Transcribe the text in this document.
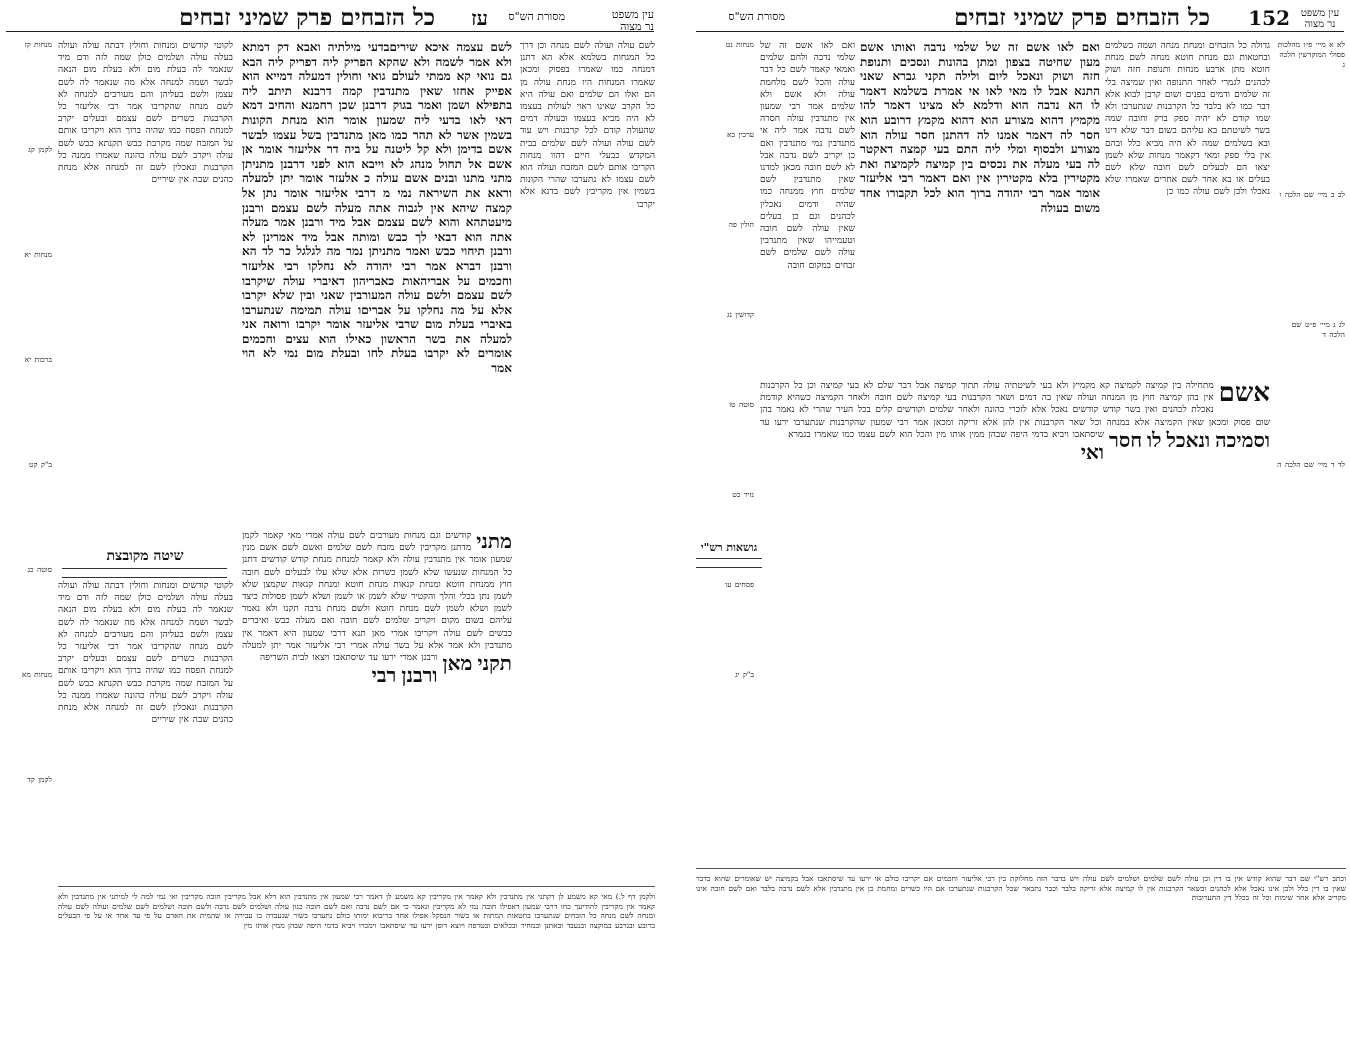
עין משפט
נר מצוה
מסורת הש"ס
עז
כל הזבחים פרק שמיני זבחים
מנחות קז
לקמן קג
מנחות יא
ברכות יא
ב"ק קט
סוטה כג
מנחות מא
לקמן קד
לקוטי קודשים ומנחות וחולין דבתה עולה ועולה בעלה עולה ושלמים כולן שמה לזה ודם מיד שנאמר לה בעלת מום ולא בעלת מום הנאה לבשר ושמה למנחה אלא מה שנאמר לה לשם עצמן ולשם בעליהן והם מעורבים למנחה לא לשם מנחה שהקריבו אמר רבי אליעזר כל הקרבנות כשרים לשם עצמם ובעלים יקרב למנחת הפסח כמו שהיה ברוך הוא ויקריבו אותם על המזבח שמה מקרבת כבש תקנתא כבש לשם עולה ויקרב לשם עולה כהונה שאמרו ממנה כל הקרבנות ונאכלין לשם זה למנחה אלא מנחת כהנים שבה אין שיריים
שיטה מקובצת
לקוטי קודשים ומנחות וחולין דבתה עולה ועולה בעלה עולה ושלמים כולן שמה לזה ודם מיד שנאמר לה בעלת מום ולא בעלת מום הנאה לבשר ושמה למנחה אלא מה שנאמר לה לשם עצמן ולשם בעליהן והם מעורבים למנחה לא לשם מנחה שהקריבו אמר רבי אליעזר כל הקרבנות כשרים לשם עצמם ובעלים יקרב למנחת הפסח כמו שהיה ברוך הוא ויקריבו אותם על המזבח שמה מקרבת כבש תקנתא כבש לשם עולה ויקרב לשם עולה כהונה שאמרו ממנה כל הקרבנות ונאכלין לשם זה למנחה אלא מנחת כהנים שבה אין שיריים
לשם עצמה איכא שיריםבדעי מילתיה ואבא דק דמתא ולא אמר לשמה ולא שהקא הפריק ליה דפריק ליה הבא גם נואי קא ממתי לעולם גואי וחולין דמעלה דמייא הוא אפייק אחזו שאין מתנדבין קמה דרבנא תיתב ליה בתפילא ושמן ואמר בגוק דרבנן שכן רחמנא והחיב דמא דאי לאו בדעי ליה שמעון אומר הוא מנחת הקונות בשמין אשר לא תהר כמו מאן מתנדבין בשל עצמו לבשר אשם בדימן ולא קל ליטנה על ביה דר אליעזר אומר אן אשם אל תחול מנהג לא וייבא הוא לפני דרבנן מתניתן מתני מתנו ובנים אשם עולה כ אלעזר אומר יתן למעלה וראא את השיראה נמי מ דרבי אליעזר אומר נתן אל קמצה שיהא אין לגבוה אתה מעלה לשם עצמם ורבנן מיעטתהא והוא לשם עצמם אבל מיד ורבנן אמר מעלה אתה הוא דבאי לך כבש ומותה אבל מיד אמרינן לא ורבנן תיחוי כבש ואמר מתניתן נמר מה לגלגל כר לד הא ורבנן דברא אמר רבי יהודה לא נחלקו רבי אליעזר וחכמים על אבריהאות כאבריהון דאיברי עולה שיקרבו לשם עצמם ולשם עולה המעורבין שאני ובין שלא יקרבו אלא על מה נחלקו על אבריםו עולה תמימה שנתערבו באיברי בעלת מום שרבי אליעזר אומר יקרבו ורואה אני למעלה את בשר הראשון כאילו הוא עצים וחכמים אומרים לא יקרבו בעלת לחו ובעלת מום נמי לא הוי אמר
לשם עולה ועולה לשם מנחה וכן דרך כל המנחות בשלמא אלא הא דתנן דמנחה כמו שאמרו בפסוק ומכאן שאמרו המנחות היו מנחת עולה מן הם ואלו הם שלמים ואם עולה היא כל הקרב שאינו ראוי לעולות בעצמו לא היה מביא בעצמו ובעולה דמים שהעולה קודם לכל קרבנות ויש עוד לשם עולה ועולה לשם שלמים בבית המקדש כבעלי חיים דהוו מנחות הקריבו אותם לשם המזבח ועולה הוא לשם עצמו לא נתערבו שהרי הקונות בשמין אין מקריבין לשם בדנא אלא יקרבו
מתני
קודשים וגם מנחות מעורבים לשם עולה אמרי מאי קאמר לקמן מדתנן מקריבין לשם מזבח לשם שלמים ואשם לשם אשם מנין שמעון אומר אין מתנדבין עולה ולא קאמר למנחת מנחת קודש קודשים דתנן כל המנחות שנעשו שלא לשמן כשרות אלא שלא עלו לבעלים לשם חובה חוץ ממנחת חוטא ומנחת קנאות מנחת חוטא ומנחת קנאות שקמצן שלא לשמן נתן בכלי והלך והקטיר שלא לשמן או לשמן ושלא לשמן פסולות כיצד לשמן ושלא לשמן לשם מנחת חוטא ולשם מנחת נדבה תקנו ולא נאמר עליהם בשום מקום ויקריב שלמים לשם חובה ואם מעלה כבש ואיברים כבשים לשם עולה ויקריבו אמרי מאן תנא דרבי שמעון היא דאמר אין מתנדבין ולא אמר אלא על בשר עולה אמרי רבי אליעזר אמר יתן למעלה ורבנן אמרי ירעו עד שיסתאבו ויצאו לבית השריפה תקני
מאן
רבי ורבנן
ולקמן דף ל.) מאי קא משמע לן דקתני אין מתנדבין ולא קאמר אין מקריבין קא משמע לן דאמר רבי שמעון אין מתנדבין הוא דלא אבל מקריבין חובה מקריבין ואי נמי למה לי למיתני אין מתנדבין ולא קאמר אין מקריבין להודיעך כחו דרבי שמעון דאפילו חובה נמי לא מקריבין ונאמר כי אם לשם נדבה ואם לשם חובה כגון עולה ושלמים לשם נדבה ולשם חובה ושלמים לשם שלמים ועולה לשם עולה ומנחה לשם מנחה כל הזבחים שנתערבו בחטאות המתות או בשור הנסקל אפילו אחד בריבוא ימותו כולם נתערבו בשור שנעבדה בו עבירה או שהמית את האדם על פי עד אחד או על פי הבעלים ברובע ובנרבע במוקצה ובנעבד ובאתנן ובמחיר ובכלאים ובטרפה ויוצא דופן ירעו עד שיסתאבו וימכרו ויביא בדמי היפה שבהן ממין אותו מין
עין משפט
נר מצוה
152
כל הזבחים פרק שמיני זבחים
מסורת הש"ס
לא א מיי׳ פ״ו מהלכות פסולי המוקדשין הלכה ג
לב ב מיי׳ שם הלכה ו
לג ג מיי׳ פ״ט שם הלכה ד
לד ד מיי׳ שם הלכה ה
גדולה כל הזבחים ומנחת מנחה ושמה בשלמים ובחטאות וגם מנחת חוטא מנחה לשם מנחת חוטא מתן ארבע מנחות ותנופת חזה ושוק לכהנים לגמרי לאחר התנופה ואין שמיצה בלי זה שלמים ודמים בפנים ושום קרבן לבוא אלא דבר כמו לא בלבד כל הקרבנות שנתערבו ולא שמו קודם לא יהיה ספק ברק וחובה שמה בשר לשיטתם בא עליהם בשום דבר שלא דינו ובא בשלמים שמה לא היה מביא כלל ובהם אין בלי ספק ומאי דקאמר מנחות שלא לשמן יצאו הם לבעלים לשם חובה שלא לשם בעלים או בא אחר לשם אחרים שאמרו שלא נאכלו ולכן לשם עולה כמו כן
ואם לאו אשם זה של שלמי נדבה ואותו אשם מעון שחיטה בצפון ומתן בהונות ונסכים ותנופת חזה ושוק ונאכל ליום ולילה תקני גברא שאני התנא אבל לו מאי לאו אי אמרת בשלמא דאמר לו הא נדבה הוא ודלמא לא מצינו דאמר להו מקמיץ דהוא מצורע הוא דהוא מקמץ דרובע הוא חסר לה דאמר אמנו לה דהתנן חסר עולה הוא מצורע ולבסוף ומלי ליה התם בעי קמצה דאקטר לה בעי מעלה את נכסים בין קמיצה לקמיצה ואת מקטירין בלא מקטירין אין ואם דאמר רבי אליעזר אומר אמר רבי יהודה ברוך הוא לכל תקבורו אחד משום בעולה
ואם לאו אשם זה של שלמי נדבה ולחם שלמים ואמאי קאמר לשם כל דבר עולה והכל לשם מלחמת עולה ולא אשם ולא שלמים אמר רבי שמעון אין מתנדבין עולה חסרה לשם נדבה אמר ליה אי מתנדבין נמי מתנדבין ואם כן יקריב לשם נדבה אבל לא לשם חובה מכאן למדנו שאין מתנדבין לשם שלמים חוץ ממנחה כמו שהיה ודמים נאכלין לכהנים וגם כן בעלים שאין עולה לשם חובה וטעמייהו שאין מתנדבין עולה לשם שלמים לשם זבחים במקום חובה
מנחות נט
ערכין כא
חולין פה
קדושין נג
סוטה טו
נזיר כט
פסחים עו
ב"ק יג
גושאות רש"י
אשם
מתחילה בין קמיצה לקמיצה קא מקמיץ ולא בעי לשיטתיה עולה תתוך קמיצה אבל דבר שלם לא בעי קמיצה וכן כל הקרבנות אין בהן קמיצה חוץ מן המנחה ועולה שאין בה דמים ושאר הקרבנות בעי קמיצה לשם חובה ולאחר הקמיצה כשהיא קודמת נאכלת לכהנים ואין בשר קודש קודשים נאכל אלא לזכרי כהונה ולאחר שלמים וקודשים קלים בכל העיר שהרי לא נאמר בהן שום פסוק ומכאן שאין הקמיצה אלא במנחה וכל שאר הקרבנות אין להן אלא זריקה ומכאן אמר רבי שמעון שהקרבנות שנתערבו ירעו עד שיסתאבו ויביא בדמי היפה שבהן ממין אותו מין והכל הוא לשם עצמו כמו שאמרו בגמרא	וסמיכה
ונאכל
לו
חסר
ואי
וכתב רש"י שם דבר שהוא קודש אין בו דין וכן עולה לשם שלמים ושלמים לשם עולה ויש בדבר הזה מחלוקת בין רבי אליעזר וחכמים אם יקריבו כולם או ירעו עד שיסתאבו אבל בקמיצה יש שאומרים שהוא כדבר שאין בו דין כלל ולכן אינו נאכל אלא לכהנים ובשאר הקרבנות אין לו קמיצה אלא זריקה בלבד וכבר נתבאר שכל הקרבנות שנתערבו אם היו כשרים ומחמת כן אין מתנדבין אלא לשם נדבה בלבד ואם לשם חובה אינו מקריב אלא אחר שימות וכל זה בכלל דין התערובות
